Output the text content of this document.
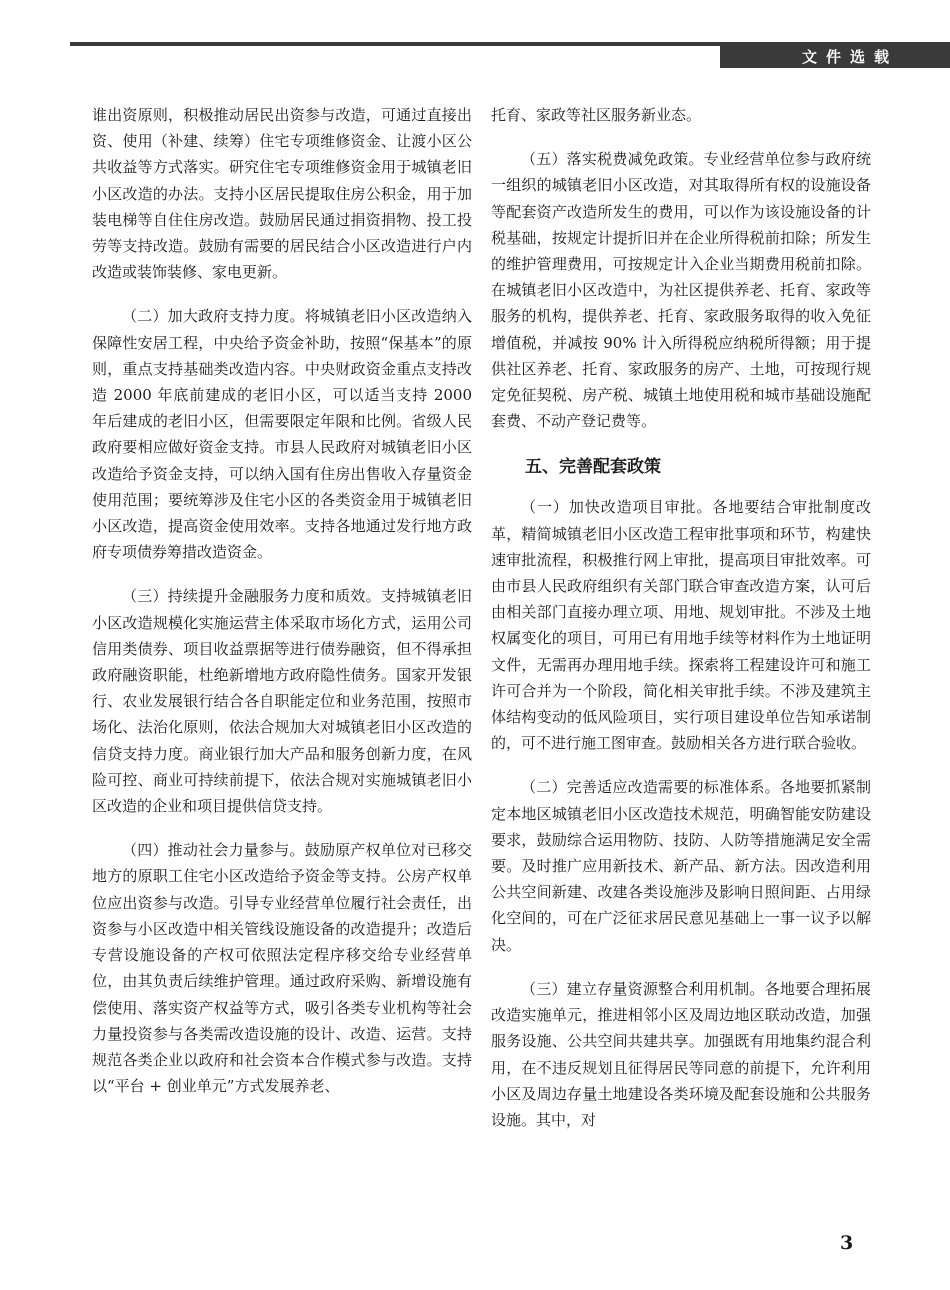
文件选载

谁出资原则，积极推动居民出资参与改造，可通过直接出资、使用（补建、续筹）住宅专项维修资金、让渡小区公共收益等方式落实。研究住宅专项维修资金用于城镇老旧小区改造的办法。支持小区居民提取住房公积金，用于加装电梯等自住住房改造。鼓励居民通过捐资捐物、投工投劳等支持改造。鼓励有需要的居民结合小区改造进行户内改造或装饰装修、家电更新。

（二）加大政府支持力度。将城镇老旧小区改造纳入保障性安居工程，中央给予资金补助，按照“保基本”的原则，重点支持基础类改造内容。中央财政资金重点支持改造 2000 年底前建成的老旧小区，可以适当支持 2000 年后建成的老旧小区，但需要限定年限和比例。省级人民政府要相应做好资金支持。市县人民政府对城镇老旧小区改造给予资金支持，可以纳入国有住房出售收入存量资金使用范围；要统筹涉及住宅小区的各类资金用于城镇老旧小区改造，提高资金使用效率。支持各地通过发行地方政府专项债券筹措改造资金。

（三）持续提升金融服务力度和质效。支持城镇老旧小区改造规模化实施运营主体采取市场化方式，运用公司信用类债券、项目收益票据等进行债券融资，但不得承担政府融资职能，杜绝新增地方政府隐性债务。国家开发银行、农业发展银行结合各自职能定位和业务范围，按照市场化、法治化原则，依法合规加大对城镇老旧小区改造的信贷支持力度。商业银行加大产品和服务创新力度，在风险可控、商业可持续前提下，依法合规对实施城镇老旧小区改造的企业和项目提供信贷支持。

（四）推动社会力量参与。鼓励原产权单位对已移交地方的原职工住宅小区改造给予资金等支持。公房产权单位应出资参与改造。引导专业经营单位履行社会责任，出资参与小区改造中相关管线设施设备的改造提升；改造后专营设施设备的产权可依照法定程序移交给专业经营单位，由其负责后续维护管理。通过政府采购、新增设施有偿使用、落实资产权益等方式，吸引各类专业机构等社会力量投资参与各类需改造设施的设计、改造、运营。支持规范各类企业以政府和社会资本合作模式参与改造。支持以“平台 + 创业单元”方式发展养老、

托育、家政等社区服务新业态。

（五）落实税费减免政策。专业经营单位参与政府统一组织的城镇老旧小区改造，对其取得所有权的设施设备等配套资产改造所发生的费用，可以作为该设施设备的计税基础，按规定计提折旧并在企业所得税前扣除；所发生的维护管理费用，可按规定计入企业当期费用税前扣除。在城镇老旧小区改造中，为社区提供养老、托育、家政等服务的机构，提供养老、托育、家政服务取得的收入免征增值税，并减按 90% 计入所得税应纳税所得额；用于提供社区养老、托育、家政服务的房产、土地，可按现行规定免征契税、房产税、城镇土地使用税和城市基础设施配套费、不动产登记费等。

五、完善配套政策

（一）加快改造项目审批。各地要结合审批制度改革，精简城镇老旧小区改造工程审批事项和环节，构建快速审批流程，积极推行网上审批，提高项目审批效率。可由市县人民政府组织有关部门联合审查改造方案，认可后由相关部门直接办理立项、用地、规划审批。不涉及土地权属变化的项目，可用已有用地手续等材料作为土地证明文件，无需再办理用地手续。探索将工程建设许可和施工许可合并为一个阶段，简化相关审批手续。不涉及建筑主体结构变动的低风险项目，实行项目建设单位告知承诺制的，可不进行施工图审查。鼓励相关各方进行联合验收。

（二）完善适应改造需要的标准体系。各地要抓紧制定本地区城镇老旧小区改造技术规范，明确智能安防建设要求，鼓励综合运用物防、技防、人防等措施满足安全需要。及时推广应用新技术、新产品、新方法。因改造利用公共空间新建、改建各类设施涉及影响日照间距、占用绿化空间的，可在广泛征求居民意见基础上一事一议予以解决。

（三）建立存量资源整合利用机制。各地要合理拓展改造实施单元，推进相邻小区及周边地区联动改造，加强服务设施、公共空间共建共享。加强既有用地集约混合利用，在不违反规划且征得居民等同意的前提下，允许利用小区及周边存量土地建设各类环境及配套设施和公共服务设施。其中，对

3
